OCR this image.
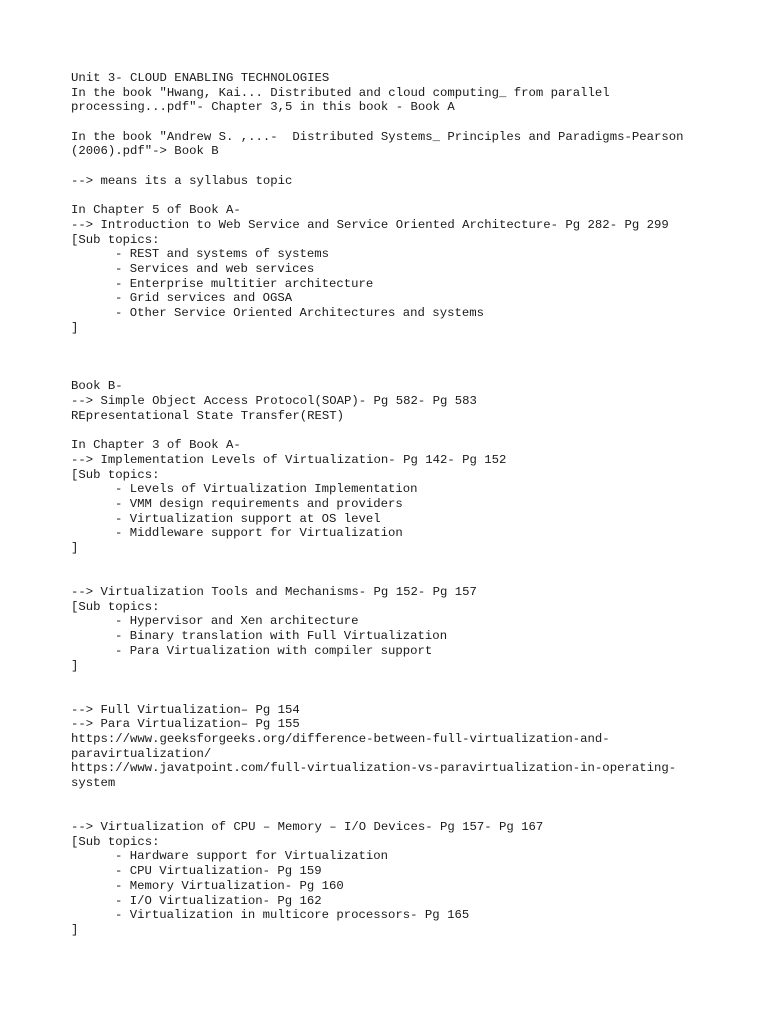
Unit 3- CLOUD ENABLING TECHNOLOGIES
In the book "Hwang, Kai... Distributed and cloud computing_ from parallel
processing...pdf"- Chapter 3,5 in this book - Book A
In the book "Andrew S. ,...-  Distributed Systems_ Principles and Paradigms-Pearson
(2006).pdf"-> Book B
--> means its a syllabus topic
In Chapter 5 of Book A-
--> Introduction to Web Service and Service Oriented Architecture- Pg 282- Pg 299
[Sub topics:
- REST and systems of systems
- Services and web services
- Enterprise multitier architecture
- Grid services and OGSA
- Other Service Oriented Architectures and systems
]
Book B-
--> Simple Object Access Protocol(SOAP)- Pg 582- Pg 583
REpresentational State Transfer(REST)
In Chapter 3 of Book A-
--> Implementation Levels of Virtualization- Pg 142- Pg 152
[Sub topics:
- Levels of Virtualization Implementation
- VMM design requirements and providers
- Virtualization support at OS level
- Middleware support for Virtualization
]
--> Virtualization Tools and Mechanisms- Pg 152- Pg 157
[Sub topics:
- Hypervisor and Xen architecture
- Binary translation with Full Virtualization
- Para Virtualization with compiler support
]
--> Full Virtualization– Pg 154
--> Para Virtualization– Pg 155
https://www.geeksforgeeks.org/difference-between-full-virtualization-and-
paravirtualization/
https://www.javatpoint.com/full-virtualization-vs-paravirtualization-in-operating-
system
--> Virtualization of CPU – Memory – I/O Devices- Pg 157- Pg 167
[Sub topics:
- Hardware support for Virtualization
- CPU Virtualization- Pg 159
- Memory Virtualization- Pg 160
- I/O Virtualization- Pg 162
- Virtualization in multicore processors- Pg 165
]
